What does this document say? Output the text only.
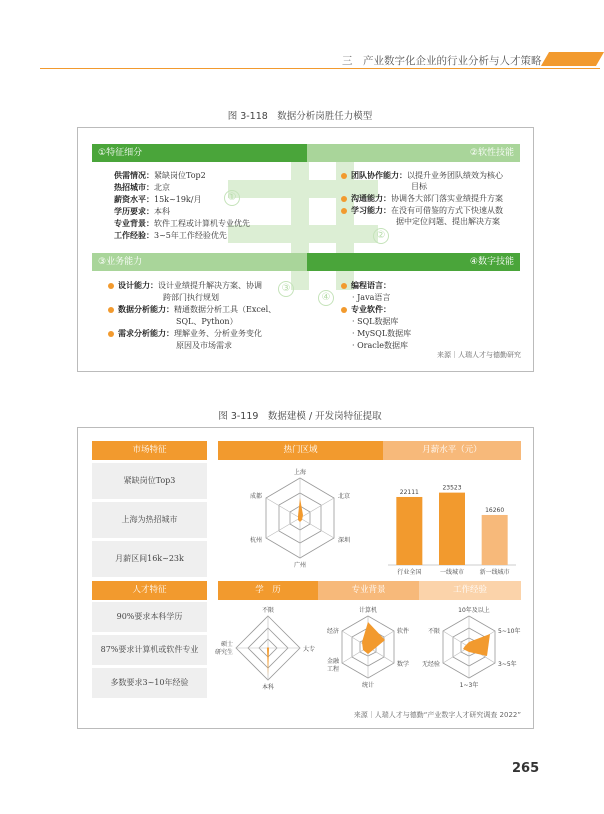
三　产业数字化企业的行业分析与人才策略
图 3-118　数据分析岗胜任力模型
①特征细分	②软性技能
③业务能力	④数字技能
①
②
③
④
供需情况：紧缺岗位Top2
热招城市：北京
薪资水平：15k~19k/月
学历要求：本科
专业背景：软件工程或计算机专业优先
工作经验：3~5年工作经验优先
团队协作能力：以提升业务团队绩效为核心
目标
沟通能力：协调各大部门落实业绩提升方案
学习能力：在没有可借鉴的方式下快速从数
据中定位问题、提出解决方案
设计能力：设计业绩提升解决方案、协调
跨部门执行规划
数据分析能力：精通数据分析工具（Excel、
SQL、Python）
需求分析能力：理解业务、分析业务变化
原因及市场需求
编程语言：
· Java语言
专业软件：
· SQL数据库
· MySQL数据库
· Oracle数据库
来源｜人瑞人才与德勤研究
图 3-119　数据建模 / 开发岗特征提取
市场特征
紧缺岗位Top3
上海为热招城市
月薪区间16k~23k
热门区域	月薪水平（元）
上海
北京
深圳
广州
杭州
成都
22111
行业全国
23523
一线城市
16260
新一线城市
人才特征
90%要求本科学历
87%要求计算机或软件专业
多数要求3~10年经验
学　历	专业背景	工作经验
不限
大专
本科
硕士研究生
计算机
软件
数学
统计
金融工程
经济
10年及以上
5~10年
3~5年
1~3年
无经验
不限
来源｜人瑞人才与德勤“产业数字人才研究调查 2022”
265
